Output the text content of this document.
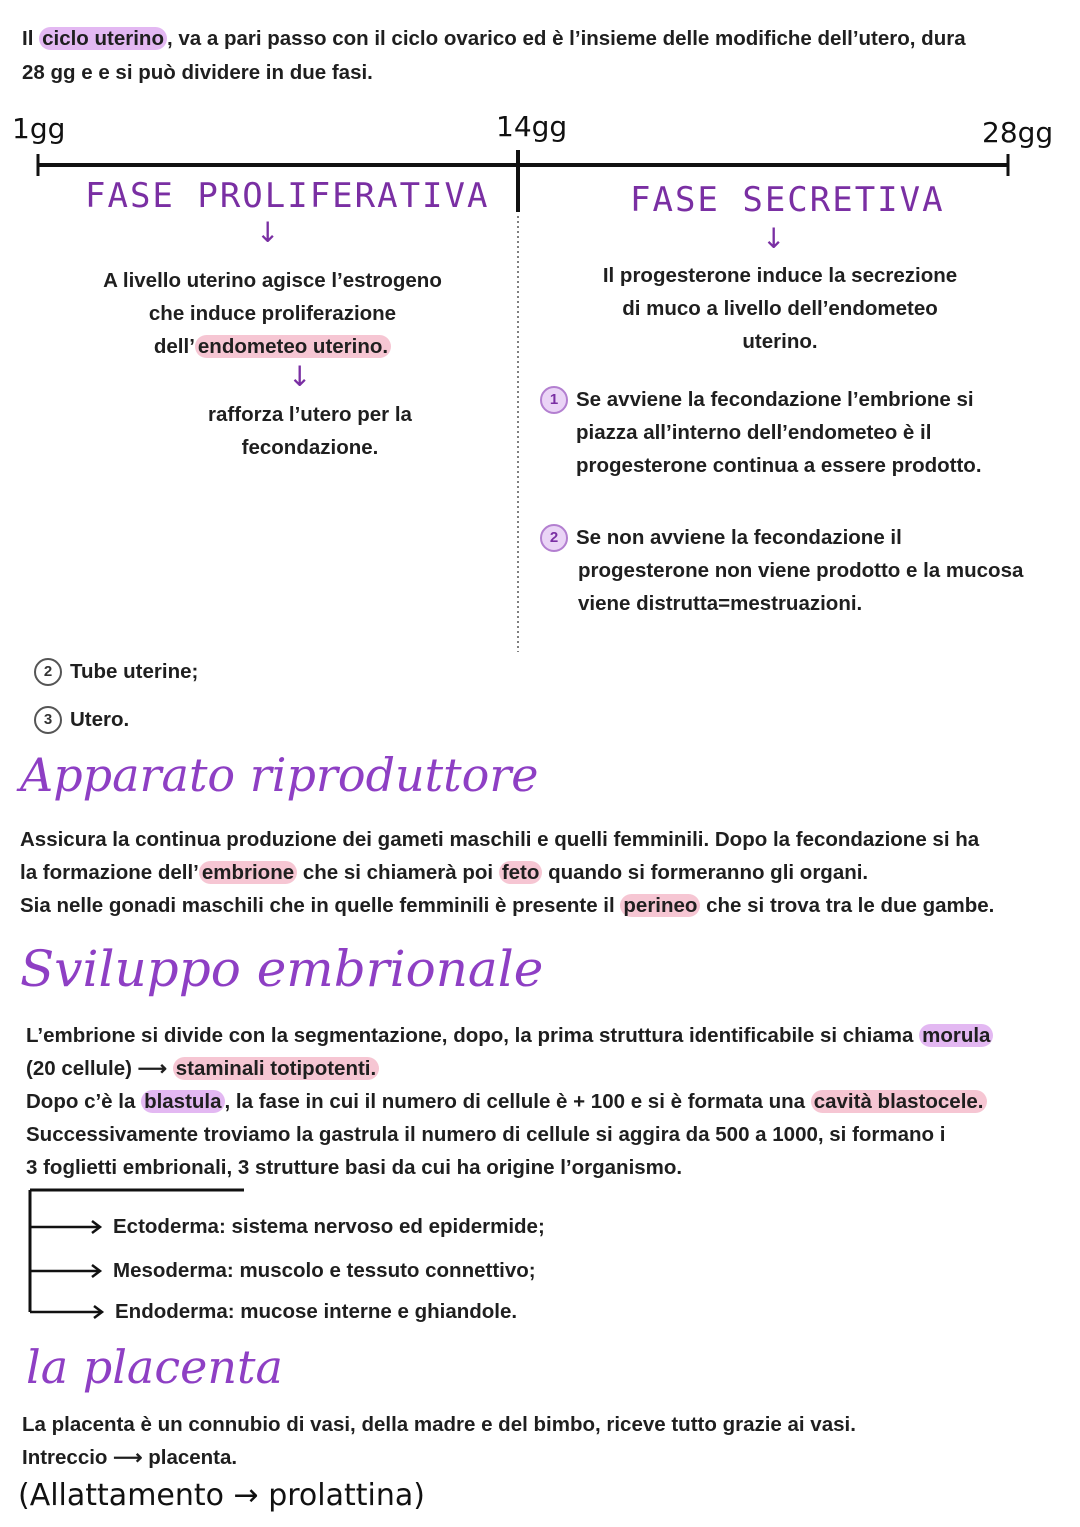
Il ciclo uterino , va a pari passo con il ciclo ovarico ed è l’insieme delle modifiche dell’utero, dura
28 gg e e si può dividere in due fasi.
1gg	14gg	28gg
FASE PROLIFERATIVA
↓
A livello uterino agisce l’estrogeno
che induce proliferazione
dell’ endometeo uterino.
↓
rafforza l’utero per la
fecondazione.
FASE SECRETIVA
↓
Il progesterone induce la secrezione
di muco a livello dell’endometeo
uterino.
1 Se avviene la fecondazione l’embrione si
piazza all’interno dell’endometeo è il
progesterone continua a essere prodotto.
2 Se non avviene la fecondazione il
progesterone non viene prodotto e la mucosa
viene distrutta=mestruazioni.
2 Tube uterine;
3 Utero.
Apparato riproduttore
Assicura la continua produzione dei gameti maschili e quelli femminili. Dopo la fecondazione si ha
la formazione dell’ embrione che si chiamerà poi feto quando si formeranno gli organi.
Sia nelle gonadi maschili che in quelle femminili è presente il perineo che si trova tra le due gambe.
Sviluppo embrionale
L’embrione si divide con la segmentazione, dopo, la prima struttura identificabile si chiama morula
(20 cellule) ⟶ staminali totipotenti.
Dopo c’è la blastula , la fase in cui il numero di cellule è + 100 e si è formata una cavità blastocele.
Successivamente troviamo la gastrula il numero di cellule si aggira da 500 a 1000, si formano i
3 foglietti embrionali, 3 strutture basi da cui ha origine l’organismo.
Ectoderma: sistema nervoso ed epidermide;
Mesoderma: muscolo e tessuto connettivo;
Endoderma: mucose interne e ghiandole.
la placenta
La placenta è un connubio di vasi, della madre e del bimbo, riceve tutto grazie ai vasi.
Intreccio ⟶ placenta.
(Allattamento → prolattina)
